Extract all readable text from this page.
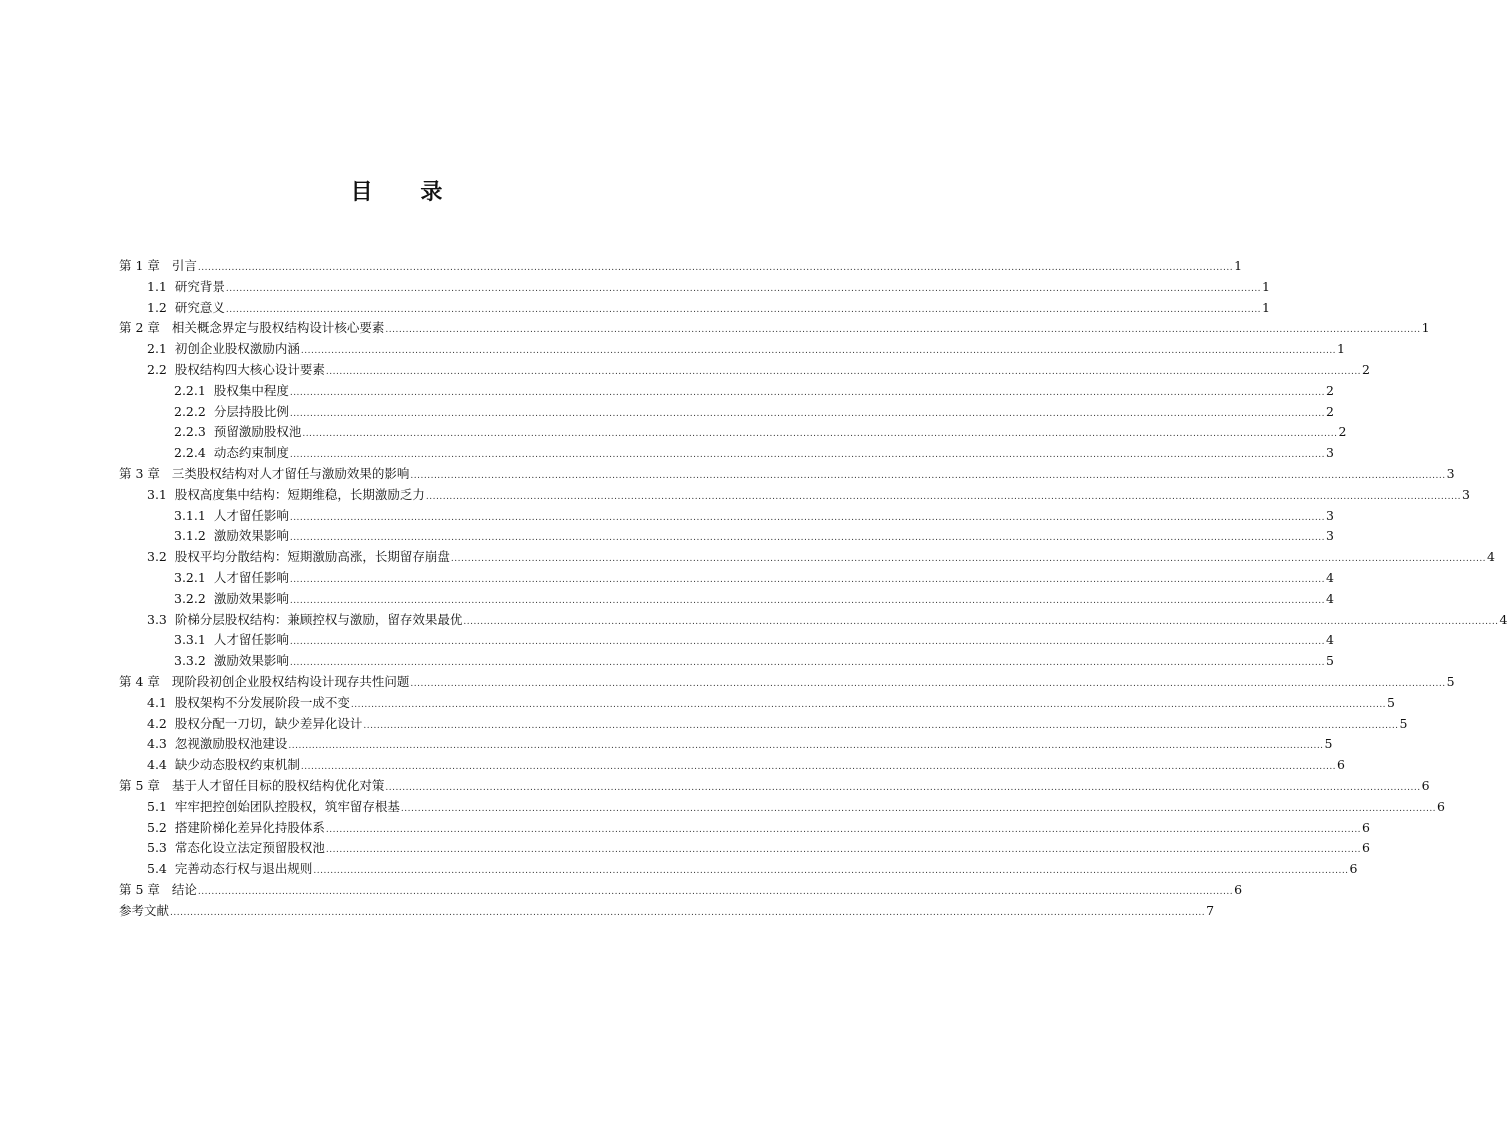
目 录
第 1 章 引言 .....	1
1.1 研究背景 .....	1
1.2 研究意义 .....	1
第 2 章 相关概念界定与股权结构设计核心要素 .....	1
2.1 初创企业股权激励内涵 .....	1
2.2 股权结构四大核心设计要素 .....	2
2.2.1 股权集中程度 .....	2
2.2.2 分层持股比例 .....	2
2.2.3 预留激励股权池 .....	2
2.2.4 动态约束制度 .....	3
第 3 章 三类股权结构对人才留任与激励效果的影响 .....	3
3.1 股权高度集中结构：短期维稳，长期激励乏力 .....	3
3.1.1 人才留任影响 .....	3
3.1.2 激励效果影响 .....	3
3.2 股权平均分散结构：短期激励高涨，长期留存崩盘 .....	4
3.2.1 人才留任影响 .....	4
3.2.2 激励效果影响 .....	4
3.3 阶梯分层股权结构：兼顾控权与激励，留存效果最优 .....	4
3.3.1 人才留任影响 .....	4
3.3.2 激励效果影响 .....	5
第 4 章 现阶段初创企业股权结构设计现存共性问题 .....	5
4.1 股权架构不分发展阶段一成不变 .....	5
4.2 股权分配一刀切，缺少差异化设计 .....	5
4.3 忽视激励股权池建设 .....	5
4.4 缺少动态股权约束机制 .....	6
第 5 章 基于人才留任目标的股权结构优化对策 .....	6
5.1 牢牢把控创始团队控股权，筑牢留存根基 .....	6
5.2 搭建阶梯化差异化持股体系 .....	6
5.3 常态化设立法定预留股权池 .....	6
5.4 完善动态行权与退出规则 .....	6
第 5 章 结论 .....	6
参考文献 .....	7
